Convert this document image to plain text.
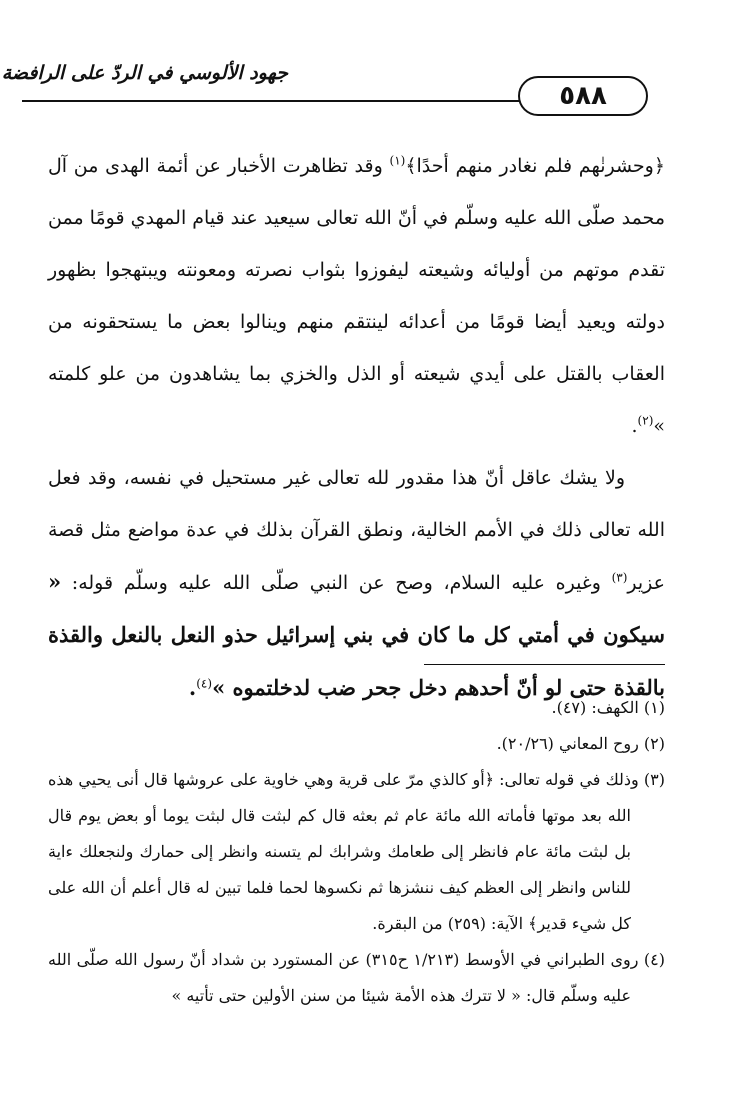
جهود الألوسي في الردّ على الرافضة
٥٨٨

﴿وحشرنٰهم فلم نغادر منهم أحدًا﴾$^{(١)}$ وقد تظاهرت الأخبار عن أئمة الهدى من آل محمد صلّى الله عليه وسلّم في أنّ الله تعالى سيعيد عند قيام المهدي قومًا ممن تقدم موتهم من أوليائه وشيعته ليفوزوا بثواب نصرته ومعونته ويبتهجوا بظهور دولته ويعيد أيضا قومًا من أعدائه لينتقم منهم وينالوا بعض ما يستحقونه من العقاب بالقتل على أيدي شيعته أو الذل والخزي بما يشاهدون من علو كلمته »$^{(٢)}$.

ولا يشك عاقل أنّ هذا مقدور لله تعالى غير مستحيل في نفسه، وقد فعل الله تعالى ذلك في الأمم الخالية، ونطق القرآن بذلك في عدة مواضع مثل قصة عزير$^{(٣)}$ وغيره عليه السلام، وصح عن النبي صلّى الله عليه وسلّم قوله: « سيكون في أمتي كل ما كان في بني إسرائيل حذو النعل بالنعل والقذة بالقذة حتى لو أنّ أحدهم دخل جحر ضب لدخلتموه »$^{(٤)}$.

(١) الكهف: (٤٧).

(٢) روح المعاني (٢٠/٢٦).

(٣) وذلك في قوله تعالى: ﴿أو كالذي مرّ على قرية وهي خاوية على عروشها قال أنى يحيي هذه الله بعد موتها فأماته الله مائة عام ثم بعثه قال كم لبثت قال لبثت يوما أو بعض يوم قال بل لبثت مائة عام فانظر إلى طعامك وشرابك لم يتسنه وانظر إلى حمارك ولنجعلك ءاية للناس وانظر إلى العظم كيف ننشزها ثم نكسوها لحما فلما تبين له قال أعلم أن الله على كل شيء قدير﴾ الآية: (٢٥٩) من البقرة.

(٤) روى الطبراني في الأوسط (١/٢١٣ ح٣١٥) عن المستورد بن شداد أنّ رسول الله صلّى الله عليه وسلّم قال: « لا تترك هذه الأمة شيئا من سنن الأولين حتى تأتيه »
